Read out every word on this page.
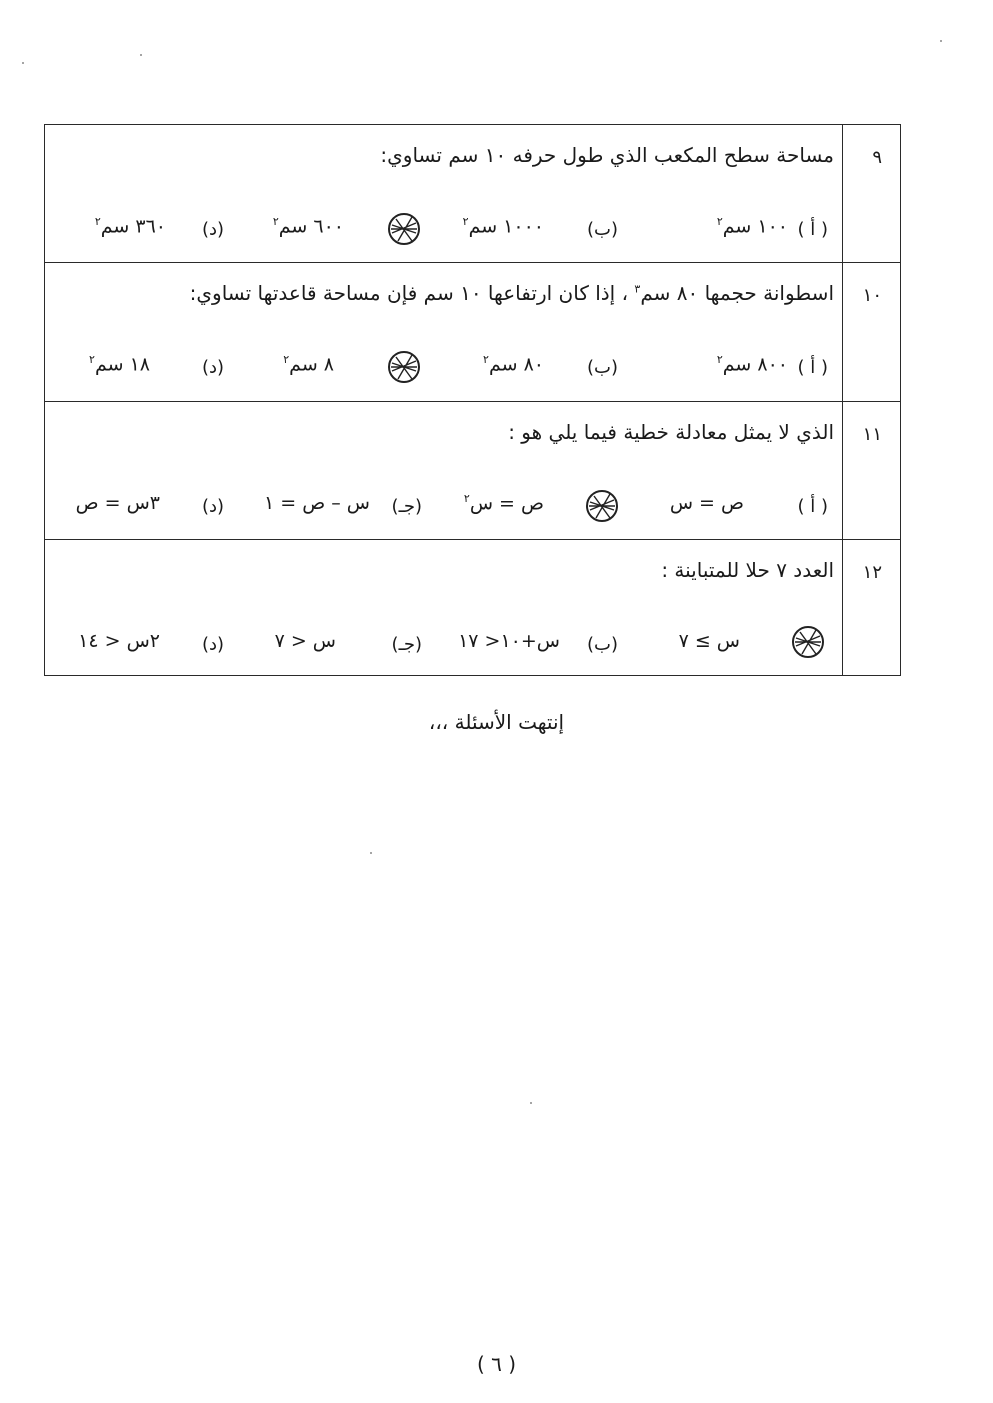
٩
مساحة سطح المكعب الذي طول حرفه ١٠ سم تساوي:
( أ )
١٠٠ سم$^٢$
(ب)
١٠٠٠ سم$^٢$
٦٠٠ سم$^٢$
(د)
٣٦٠ سم$^٢$
١٠
اسطوانة حجمها ٨٠ سم$^٣$ ، إذا كان ارتفاعها ١٠ سم فإن مساحة قاعدتها تساوي:
( أ )
٨٠٠ سم$^٢$
(ب)
٨٠ سم$^٢$
٨ سم$^٢$
(د)
١٨ سم$^٢$
١١
الذي لا يمثل معادلة خطية فيما يلي هو :
( أ )
ص = س
ص = س$^٢$
(جـ)
س – ص = ١
(د)
٣س = ص
١٢
العدد ٧ حلا للمتباينة :
س ≥ ٧
(ب)
س+١٠< ١٧
(جـ)
س < ٧
(د)
٢س < ١٤
إنتهت الأسئلة ،،،
( ٦ )
